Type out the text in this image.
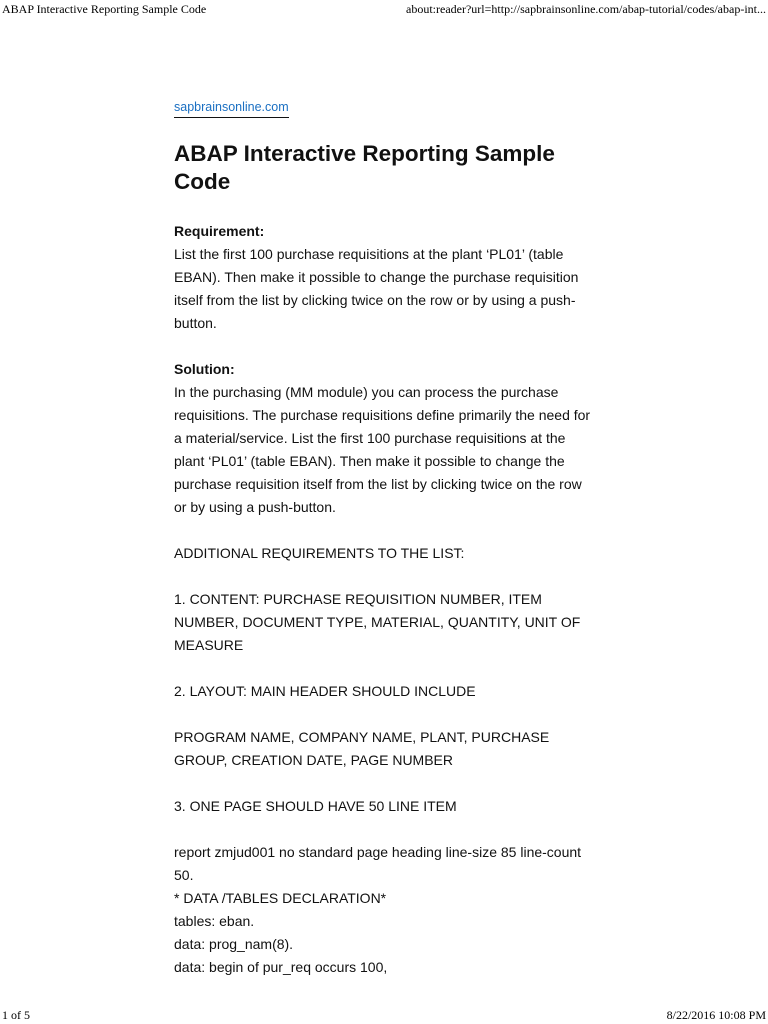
ABAP Interactive Reporting Sample Code	about:reader?url=http://sapbrainsonline.com/abap-tutorial/codes/abap-int...
sapbrainsonline.com
ABAP Interactive Reporting Sample Code

Requirement:
List the first 100 purchase requisitions at the plant ‘PL01’ (table EBAN). Then make it possible to change the purchase requisition itself from the list by clicking twice on the row or by using a push-button.

Solution:
In the purchasing (MM module) you can process the purchase requisitions. The purchase requisitions define primarily the need for a material/service. List the first 100 purchase requisitions at the plant ‘PL01’ (table EBAN). Then make it possible to change the purchase requisition itself from the list by clicking twice on the row or by using a push-button.

ADDITIONAL REQUIREMENTS TO THE LIST:

1. CONTENT: PURCHASE REQUISITION NUMBER, ITEM NUMBER, DOCUMENT TYPE, MATERIAL, QUANTITY, UNIT OF MEASURE

2. LAYOUT: MAIN HEADER SHOULD INCLUDE

PROGRAM NAME, COMPANY NAME, PLANT, PURCHASE GROUP, CREATION DATE, PAGE NUMBER

3. ONE PAGE SHOULD HAVE 50 LINE ITEM

report zmjud001 no standard page heading line-size 85 line-count 50.

* DATA /TABLES DECLARATION*

tables: eban.

data: prog_nam(8).

data: begin of pur_req occurs 100,

1 of 5	8/22/2016 10:08 PM
